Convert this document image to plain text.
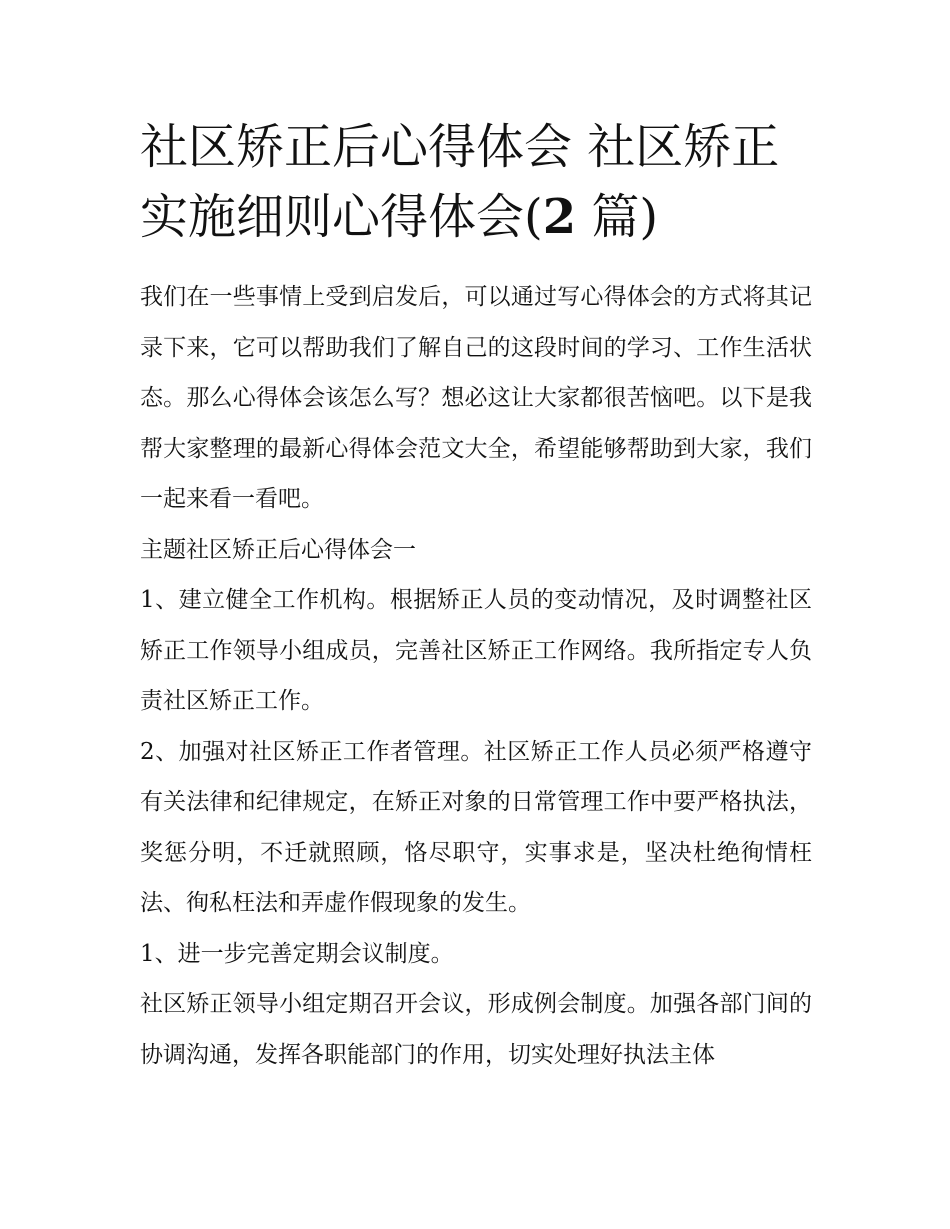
社区矫正后心得体会 社区矫正实施细则心得体会(2 篇)

我们在一些事情上受到启发后，可以通过写心得体会的方式将其记录下来，它可以帮助我们了解自己的这段时间的学习、工作生活状态。那么心得体会该怎么写？想必这让大家都很苦恼吧。以下是我帮大家整理的最新心得体会范文大全，希望能够帮助到大家，我们一起来看一看吧。

主题社区矫正后心得体会一

1、建立健全工作机构。根据矫正人员的变动情况，及时调整社区矫正工作领导小组成员，完善社区矫正工作网络。我所指定专人负责社区矫正工作。

2、加强对社区矫正工作者管理。社区矫正工作人员必须严格遵守有关法律和纪律规定，在矫正对象的日常管理工作中要严格执法，奖惩分明，不迁就照顾，恪尽职守，实事求是，坚决杜绝徇情枉法、徇私枉法和弄虚作假现象的发生。

1、进一步完善定期会议制度。

社区矫正领导小组定期召开会议，形成例会制度。加强各部门间的协调沟通，发挥各职能部门的作用，切实处理好执法主体
